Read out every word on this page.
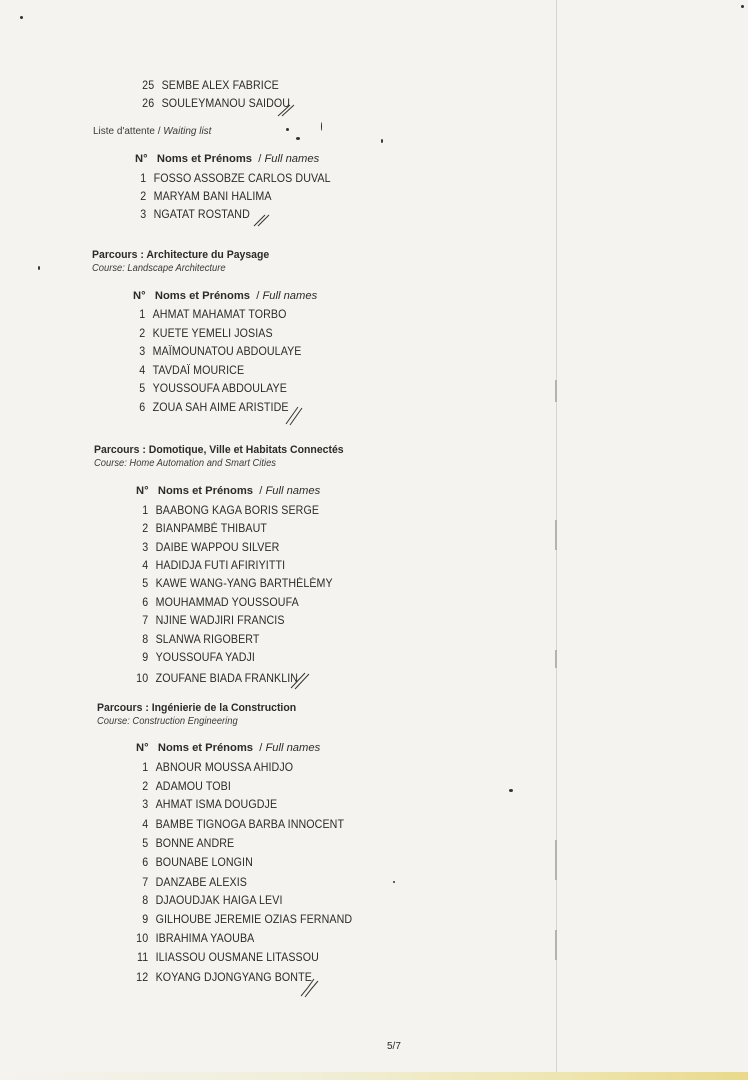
25 SEMBE ALEX FABRICE
26 SOULEYMANOU SAIDOU
Liste d'attente / Waiting list
N° Noms et Prénoms  / Full names
1 FOSSO ASSOBZE CARLOS DUVAL
2 MARYAM BANI HALIMA
3 NGATAT ROSTAND
Parcours : Architecture du Paysage
Course: Landscape Architecture
N° Noms et Prénoms  / Full names
1 AHMAT MAHAMAT TORBO
2 KUETE YEMELI JOSIAS
3 MAÏMOUNATOU ABDOULAYE
4 TAVDAÏ MOURICE
5 YOUSSOUFA ABDOULAYE
6 ZOUA SAH AIME ARISTIDE
Parcours : Domotique, Ville et Habitats Connectés
Course: Home Automation and Smart Cities
N° Noms et Prénoms  / Full names
1 BAABONG KAGA BORIS SERGE
2 BIANPAMBÉ THIBAUT
3 DAIBE WAPPOU SILVER
4 HADIDJA FUTI AFIRIYITTI
5 KAWE WANG-YANG BARTHÉLÉMY
6 MOUHAMMAD YOUSSOUFA
7 NJINE WADJIRI FRANCIS
8 SLANWA RIGOBERT
9 YOUSSOUFA YADJI
10 ZOUFANE BIADA FRANKLIN
Parcours : Ingénierie de la Construction
Course: Construction Engineering
N° Noms et Prénoms  / Full names
1 ABNOUR MOUSSA AHIDJO
2 ADAMOU TOBI
3 AHMAT ISMA DOUGDJE
4 BAMBE TIGNOGA BARBA INNOCENT
5 BONNE ANDRE
6 BOUNABE LONGIN
7 DANZABE ALEXIS
8 DJAOUDJAK HAIGA LEVI
9 GILHOUBE JEREMIE OZIAS FERNAND
10 IBRAHIMA YAOUBA
11 ILIASSOU OUSMANE LITASSOU
12 KOYANG DJONGYANG BONTE
5/7
